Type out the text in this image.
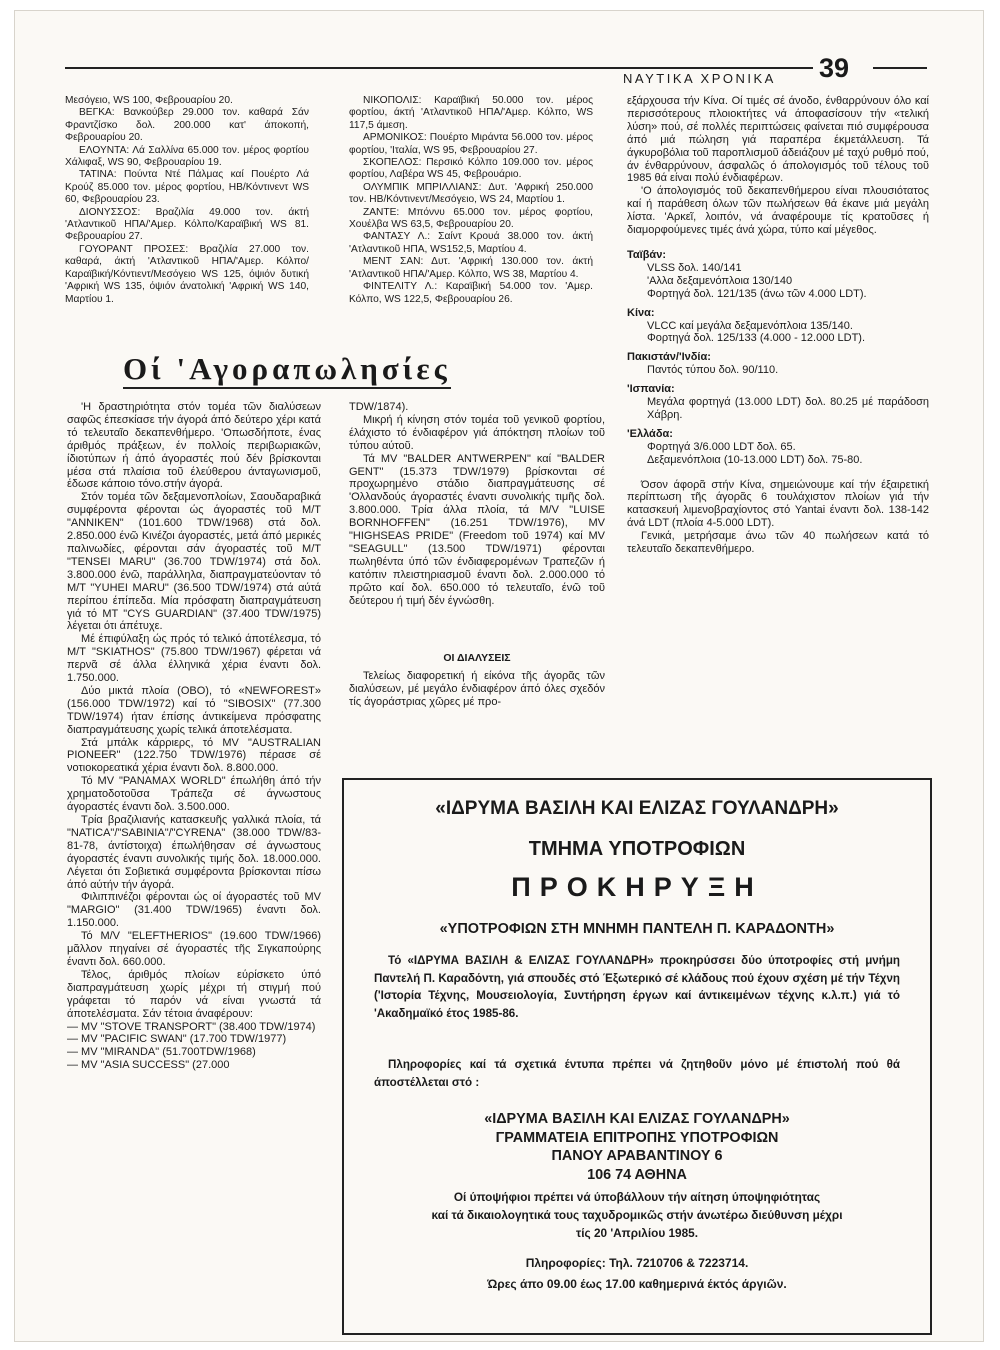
ΝΑΥΤΙΚΑ ΧΡΟΝΙΚΑ 39

Μεσόγειο, WS 100, Φεβρουαρίου 20.

ΒΕΓΚΑ: Βανκούβερ 29.000 τον. καθαρά Σάν Φραντζίσκο δολ. 200.000 κατ' άποκοπή, Φεβρουαρίου 20.

ΕΛΟΥΝΤΑ: Λά Σαλλίνα 65.000 τον. μέρος φορτίου Χάλιφαξ, WS 90, Φεβρουαρίου 19.

ΤΑΤΙΝΑ: Πούντα Ντέ Πάλμας καί Πουέρτο Λά Κρούζ 85.000 τον. μέρος φορτίου, ΗΒ/Κόντινεντ WS 60, Φεβρουαρίου 23.

ΔΙΟΝΥΣΣΟΣ: Βραζιλία 49.000 τον. άκτή 'Ατλαντικοῦ ΗΠΑ/'Αμερ. Κόλπο/Καραϊβική WS 81. Φεβρουαρίου 27.

ΓΟΥΟΡΑΝΤ ΠΡΟΣΕΣ: Βραζιλία 27.000 τον. καθαρά, άκτή 'Ατλαντικοῦ ΗΠΑ/'Αμερ. Κόλπο/Καραϊβική/Κόντιεντ/Μεσόγειο WS 125, όψιόν δυτική 'Αφρική WS 135, όψιόν άνατολική 'Αφρική WS 140, Μαρτίου 1.

ΝΙΚΟΠΟΛΙΣ: Καραϊβική 50.000 τον. μέρος φορτίου, άκτή 'Ατλαντικοῦ ΗΠΑ/'Αμερ. Κόλπο, WS 117,5 άμεση.

ΑΡΜΟΝΙΚΟΣ: Πουέρτο Μιράντα 56.000 τον. μέρος φορτίου, 'Ιταλία, WS 95, Φεβρουαρίου 27.

ΣΚΟΠΕΛΟΣ: Περσικό Κόλπο 109.000 τον. μέρος φορτίου, Λαβέρα WS 45, Φεβρουάριο.

ΟΛΥΜΠΙΚ ΜΠΡΙΛΛΙΑΝΣ: Δυτ. 'Αφρική 250.000 τον. ΗΒ/Κόντινεντ/Μεσόγειο, WS 24, Μαρτίου 1.

ΖΑΝΤΕ: Μπόννυ 65.000 τον. μέρος φορτίου, Χουέλβα WS 63,5, Φεβρουαρίου 20.

ΦΑΝΤΑΣΥ Λ.: Σαίντ Κρουά 38.000 τον. άκτή 'Ατλαντικοῦ ΗΠΑ, WS152,5, Μαρτίου 4.

ΜΕΝΤ ΣΑΝ: Δυτ. 'Αφρική 130.000 τον. άκτή 'Ατλαντικοῦ ΗΠΑ/'Αμερ. Κόλπο, WS 38, Μαρτίου 4.

ΦΙΝΤΕΛΙΤΥ Λ.: Καραϊβική 54.000 τον. 'Αμερ. Κόλπο, WS 122,5, Φεβρουαρίου 26.

εξάρχουσα τήν Κίνα. Οί τιμές σέ άνοδο, ένθαρρύνουν όλο καί περισσότερους πλοιοκτήτες νά άποφασίσουν τήν «τελική λύση» πού, σέ πολλές περιπτώσεις φαίνεται πιό συμφέρουσα άπό μιά πώληση γιά παραπέρα έκμετάλλευση. Τά άγκυροβόλια τοῦ παροπλισμοῦ άδειάζουν μέ ταχύ ρυθμό πού, άν ένθαρρύνουν, άσφαλῶς ό άπολογισμός τοῦ τέλους τοῦ 1985 θά είναι πολύ ένδιαφέρων.

'Ο άπολογισμός τοῦ δεκαπενθήμερου είναι πλουσιότατος καί ή παράθεση όλων τῶν πωλήσεων θά έκανε μιά μεγάλη λίστα. 'Αρκεῖ, λοιπόν, νά άναφέρουμε τίς κρατοῦσες ή διαμορφούμενες τιμές άνά χώρα, τύπο καί μέγεθος.

Ταϊβάν:
VLSS δολ. 140/141
'Αλλα δεξαμενόπλοια 130/140
Φορτηγά δολ. 121/135 (άνω τῶν 4.000 LDT).
Κίνα:
VLCC καί μεγάλα δεξαμενόπλοια 135/140.
Φορτηγά δολ. 125/133 (4.000 - 12.000 LDT).
Πακιστάν/'Ινδία:
Παντός τύπου δολ. 90/110.
'Ισπανία:
Μεγάλα φορτηγά (13.000 LDT) δολ. 80.25 μέ παράδοση Χάβρη.
'Ελλάδα:
Φορτηγά 3/6.000 LDT δολ. 65.
Δεξαμενόπλοια (10-13.000 LDT) δολ. 75-80.

Όσον άφορᾶ στήν Κίνα, σημειώνουμε καί τήν έξαιρετική περίπτωση τῆς άγορᾶς 6 τουλάχιστον πλοίων γιά τήν κατασκευή λιμενοβραχίοντος στό Yantai έναντι δολ. 138-142 άνά LDT (πλοία 4-5.000 LDT).

Γενικά, μετρήσαμε άνω τῶν 40 πωλήσεων κατά τό τελευταῖο δεκαπενθήμερο.

Οί 'Αγοραπωλησίες

'Η δραστηριότητα στόν τομέα τῶν διαλύσεων σαφῶς έπεσκίασε τήν άγορά άπό δεύτερο χέρι κατά τό τελευταῖο δεκαπενθήμερο. 'Οπωσδήποτε, ένας άριθμός πράξεων, έν πολλοίς περιβωριακῶν, ίδιοτύπων ή άπό άγοραστές πού δέν βρίσκονται μέσα στά πλαίσια τοῦ έλεύθερου άνταγωνισμοῦ, έδωσε κάποιο τόνο.στήν άγορά.

Στόν τομέα τῶν δεξαμενοπλοίων, Σαουδαραβικά συμφέροντα φέρονται ώς άγοραστές τοῦ Μ/Τ "ANNIKEN" (101.600 TDW/1968) στά δολ. 2.850.000 ένῶ Κινέζοι άγοραστές, μετά άπό μερικές παλινωδίες, φέρονται σάν άγοραστές τοῦ Μ/Τ "TENSEI MARU" (36.700 TDW/1974) στά δολ. 3.800.000 ένῶ, παράλληλα, διαπραγματεύονταν τό Μ/Τ "YUHEI MARU" (36.500 TDW/1974) στά αύτά περίπου έπίπεδα. Μία πρόσφατη διαπραγμάτευση γιά τό ΜΤ "CYS GUARDIAN" (37.400 TDW/1975) λέγεται ότι άπέτυχε.

Μέ έπιφύλαξη ώς πρός τό τελικό άποτέλεσμα, τό Μ/Τ "SKIATHOS" (75.800 TDW/1967) φέρεται νά περνᾶ σέ άλλα έλληνικά χέρια έναντι δολ. 1.750.000.

Δύο μικτά πλοία (ΟΒΟ), τό «NEWFOREST» (156.000 TDW/1972) καί τό "SIBOSIX" (77.300 TDW/1974) ήταν έπίσης άντικείμενα πρόσφατης διαπραγμάτευσης χωρίς τελικά άποτελέσματα.

Στά μπάλκ κάρριερς, τό MV "AUSTRALIAN PIONEER" (122.750 TDW/1976) πέρασε σέ νοτιοκορεατικά χέρια έναντι δολ. 8.800.000.

Τό MV "PANAMAX WORLD" έπωλήθη άπό τήν χρηματοδοτοῦσα Τράπεζα σέ άγνωστους άγοραστές έναντι δολ. 3.500.000.

Τρία βραζιλιανής κατασκευῆς γαλλικά πλοία, τά "NATICA"/"SABINIA"/"CYRENA" (38.000 TDW/83-81-78, άντίστοιχα) έπωλήθησαν σέ άγνωστους άγοραστές έναντι συνολικής τιμής δολ. 18.000.000. Λέγεται ότι Σοβιετικά συμφέροντα βρίσκονται πίσω άπό αύτήν τήν άγορά.

Φιλιππινέζοι φέρονται ώς οί άγοραστές τοῦ MV "MARGIO" (31.400 TDW/1965) έναντι δολ. 1.150.000.

Τό M/V "ELEFTHERIOS" (19.600 TDW/1966) μᾶλλον πηγαίνει σέ άγοραστές τῆς Σιγκαπούρης έναντι δολ. 660.000.

Τέλος, άριθμός πλοίων εύρίσκετο ύπό διαπραγμάτευση χωρίς μέχρι τή στιγμή πού γράφεται τό παρόν νά είναι γνωστά τά άποτελέσματα. Σάν τέτοια άναφέρουν:

— MV "STOVE TRANSPORT" (38.400 TDW/1974)

— MV "PACIFIC SWAN" (17.700 TDW/1977)

— MV "MIRANDA" (51.700TDW/1968)

— MV "ASIA SUCCESS" (27.000

TDW/1874).

Μικρή ή κίνηση στόν τομέα τοῦ γενικοῦ φορτίου, έλάχιστο τό ένδιαφέρον γιά άπόκτηση πλοίων τοῦ τύπου αύτοῦ.

Τά MV "BALDER ANTWERPEN" καί "BALDER GENT" (15.373 TDW/1979) βρίσκονται σέ προχωρημένο στάδιο διαπραγμάτευσης σέ 'Ολλανδούς άγοραστές έναντι συνολικής τιμῆς δολ. 3.800.000. Τρία άλλα πλοία, τά M/V "LUISE BORNHOFFEN" (16.251 TDW/1976), MV "HIGHSEAS PRIDE" (Freedom τοῦ 1974) καί MV "SEAGULL" (13.500 TDW/1971) φέρονται πωληθέντα ύπό τῶν ένδιαφερομένων Τραπεζῶν ή κατόπιν πλειστηριασμοῦ έναντι δολ. 2.000.000 τό πρῶτο καί δολ. 650.000 τό τελευταῖο, ένῶ τοῦ δεύτερου ή τιμή δέν έγνώσθη.

ΟΙ ΔΙΑΛΥΣΕΙΣ

Τελείως διαφορετική ή είκόνα τῆς άγορᾶς τῶν διαλύσεων, μέ μεγάλο ένδιαφέρον άπό όλες σχεδόν τίς άγοράστριας χῶρες μέ προ-

«ΙΔΡΥΜΑ ΒΑΣΙΛΗ ΚΑΙ ΕΛΙΖΑΣ ΓΟΥΛΑΝΔΡΗ»
ΤΜΗΜΑ ΥΠΟΤΡΟΦΙΩΝ
ΠΡΟΚΗΡΥΞΗ
«ΥΠΟΤΡΟΦΙΩΝ ΣΤΗ ΜΝΗΜΗ ΠΑΝΤΕΛΗ Π. ΚΑΡΑΔΟΝΤΗ»
Τό «ΙΔΡΥΜΑ ΒΑΣΙΛΗ & ΕΛΙΖΑΣ ΓΟΥΛΑΝΔΡΗ» προκηρύσσει δύο ύποτροφίες στή μνήμη Παντελή Π. Καραδόντη, γιά σπουδές στό Έξωτερικό σέ κλάδους πού έχουν σχέση μέ τήν Τέχνη ('Ιστορία Τέχνης, Μουσειολογία, Συντήρηση έργων καί άντικειμένων τέχνης κ.λ.π.) γιά τό 'Ακαδημαϊκό έτος 1985-86.
Πληροφορίες καί τά σχετικά έντυπα πρέπει νά ζητηθοῦν μόνο μέ έπιστολή πού θά άποστέλλεται στό :
«ΙΔΡΥΜΑ ΒΑΣΙΛΗ ΚΑΙ ΕΛΙΖΑΣ ΓΟΥΛΑΝΔΡΗ»
ΓΡΑΜΜΑΤΕΙΑ ΕΠΙΤΡΟΠΗΣ ΥΠΟΤΡΟΦΙΩΝ
ΠΑΝΟΥ ΑΡΑΒΑΝΤΙΝΟΥ 6
106 74 ΑΘΗΝΑ
Οί ύποψήφιοι πρέπει νά ύποβάλλουν τήν αίτηση ύποψηφιότητας
καί τά δικαιολογητικά τους ταχυδρομικῶς στήν άνωτέρω διεύθυνση μέχρι
τίς 20 'Απριλίου 1985.
Πληροφορίες: Τηλ. 7210706 & 7223714.
Ώρες άπο 09.00 έως 17.00 καθημερινά έκτός άργιῶν.
